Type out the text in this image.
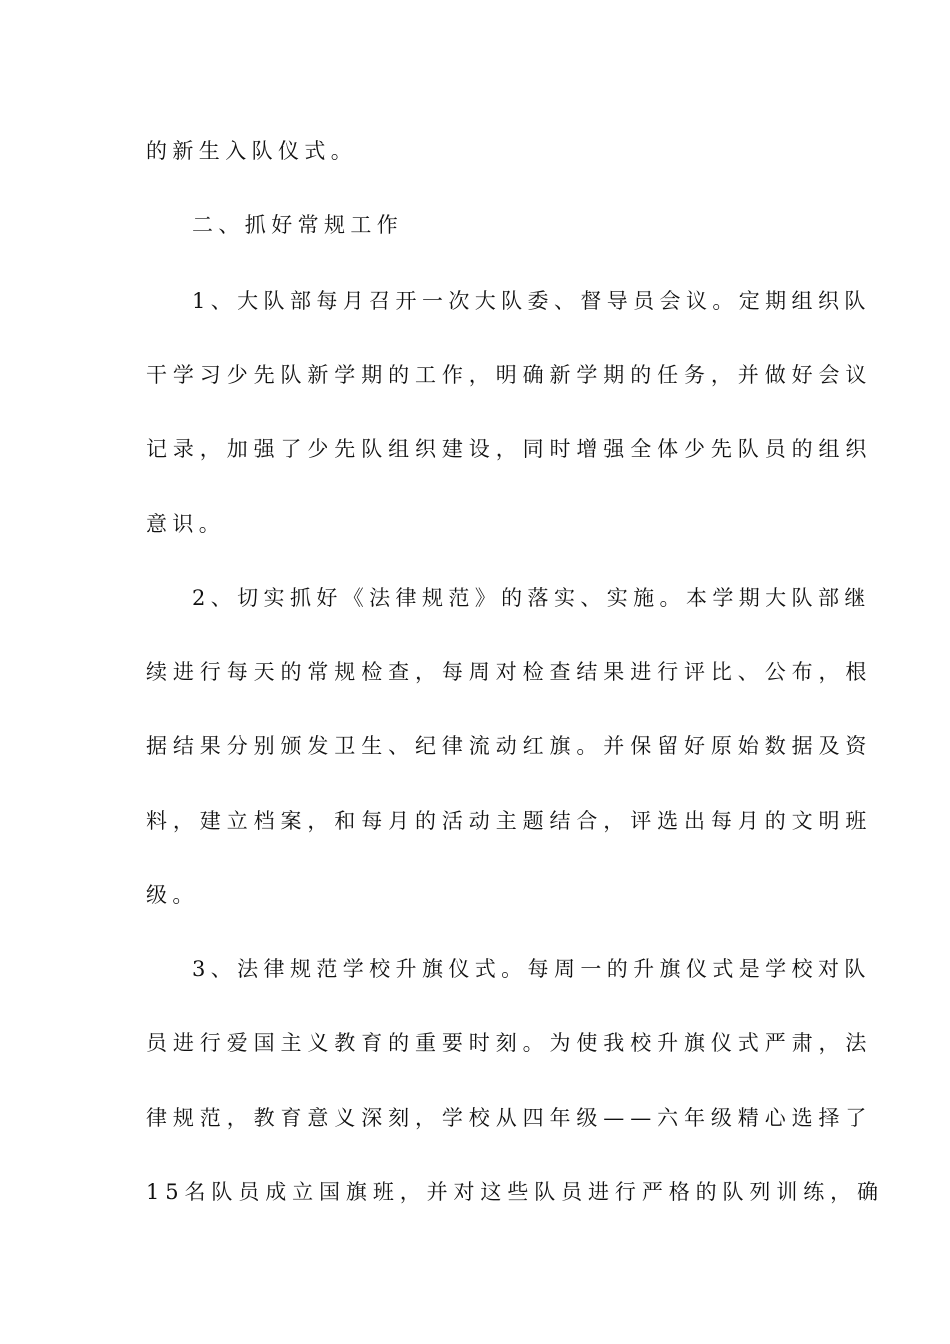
的新生入队仪式。

二、抓好常规工作

1、大队部每月召开一次大队委、督导员会议。定期组织队

干学习少先队新学期的工作，明确新学期的任务，并做好会议

记录，加强了少先队组织建设，同时增强全体少先队员的组织

意识。

2、切实抓好《法律规范》的落实、实施。本学期大队部继

续进行每天的常规检查，每周对检查结果进行评比、公布，根

据结果分别颁发卫生、纪律流动红旗。并保留好原始数据及资

料，建立档案，和每月的活动主题结合，评选出每月的文明班

级。

3、法律规范学校升旗仪式。每周一的升旗仪式是学校对队

员进行爱国主义教育的重要时刻。为使我校升旗仪式严肃，法

律规范，教育意义深刻，学校从四年级——六年级精心选择了

15名队员成立国旗班，并对这些队员进行严格的队列训练，确
